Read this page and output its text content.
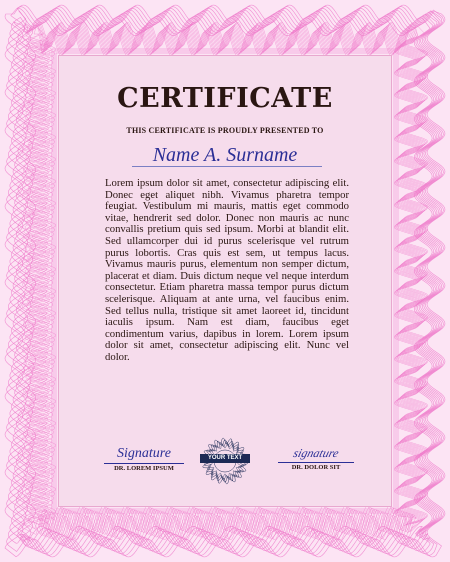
CERTIFICATE
THIS CERTIFICATE IS PROUDLY PRESENTED TO
Name A. Surname
Lorem ipsum dolor sit amet, consectetur adipiscing elit. Donec eget aliquet nibh. Vivamus pharetra tempor feugiat. Vestibulum mi mauris, mattis eget commodo vitae, hendrerit sed dolor. Donec non mauris ac nunc convallis pretium quis sed ipsum. Morbi at blandit elit. Sed ullamcorper dui id purus scelerisque vel rutrum purus lobortis. Cras quis est sem, ut tempus lacus. Vivamus mauris purus, elementum non semper dictum, placerat et diam. Duis dictum neque vel neque interdum consectetur. Etiam pharetra massa tempor purus dictum scelerisque. Aliquam at ante urna, vel faucibus enim. Sed tellus nulla, tristique sit amet laoreet id, tincidunt iaculis ipsum. Nam est diam, faucibus eget condimentum varius, dapibus in lorem. Lorem ipsum dolor sit amet, consectetur adipiscing elit. Nunc vel dolor.
Signature
DR. LOREM IPSUM
YOUR TEXT	signature
DR. DOLOR SIT
